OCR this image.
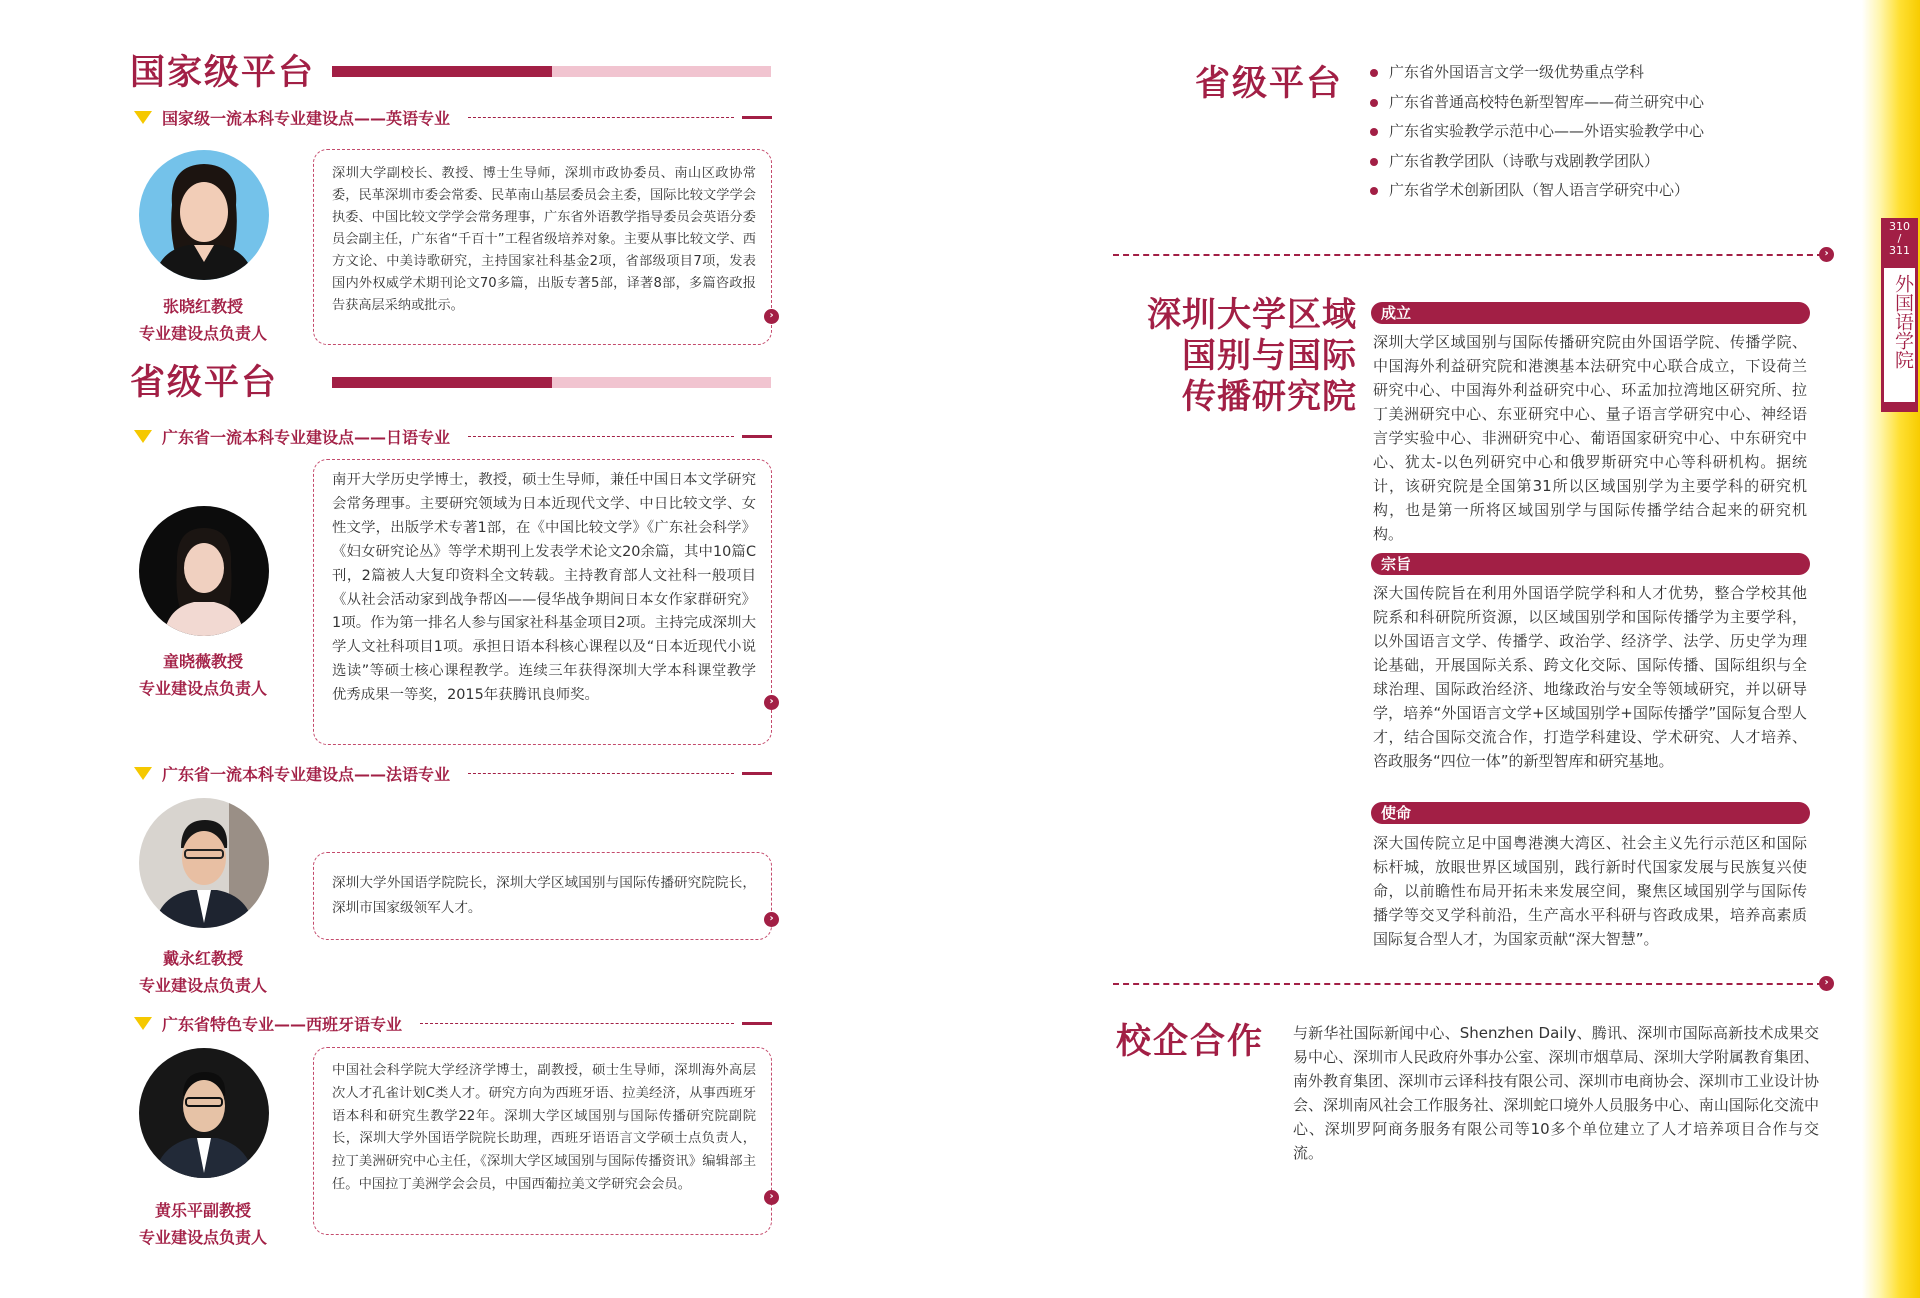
国家级平台
国家级一流本科专业建设点——英语专业
张晓红教授
专业建设点负责人
深圳大学副校长、教授、博士生导师，深圳市政协委员、南山区政协常委，民革深圳市委会常委、民革南山基层委员会主委，国际比较文学学会执委、中国比较文学学会常务理事，广东省外语教学指导委员会英语分委员会副主任，广东省“千百十”工程省级培养对象。主要从事比较文学、西方文论、中美诗歌研究，主持国家社科基金2项，省部级项目7项，发表国内外权威学术期刊论文70多篇，出版专著5部，译著8部，多篇咨政报告获高层采纳或批示。
›
省级平台
广东省一流本科专业建设点——日语专业
童晓薇教授
专业建设点负责人
南开大学历史学博士，教授，硕士生导师，兼任中国日本文学研究会常务理事。主要研究领域为日本近现代文学、中日比较文学、女性文学，出版学术专著1部，在《中国比较文学》《广东社会科学》《妇女研究论丛》等学术期刊上发表学术论文20余篇，其中10篇C刊，2篇被人大复印资料全文转载。主持教育部人文社科一般项目《从社会活动家到战争帮凶——侵华战争期间日本女作家群研究》1项。作为第一排名人参与国家社科基金项目2项。主持完成深圳大学人文社科项目1项。承担日语本科核心课程以及“日本近现代小说选读”等硕士核心课程教学。连续三年获得深圳大学本科课堂教学优秀成果一等奖，2015年获腾讯良师奖。	›
广东省一流本科专业建设点——法语专业
戴永红教授
专业建设点负责人
深圳大学外国语学院院长，深圳大学区域国别与国际传播研究院院长，深圳市国家级领军人才。
›
广东省特色专业——西班牙语专业
黄乐平副教授
专业建设点负责人
中国社会科学院大学经济学博士，副教授，硕士生导师，深圳海外高层次人才孔雀计划C类人才。研究方向为西班牙语、拉美经济，从事西班牙语本科和研究生教学22年。深圳大学区域国别与国际传播研究院副院长，深圳大学外国语学院院长助理，西班牙语语言文学硕士点负责人，拉丁美洲研究中心主任，《深圳大学区域国别与国际传播资讯》编辑部主任。中国拉丁美洲学会会员，中国西葡拉美文学研究会会员。
›
省级平台	广东省外国语言文学一级优势重点学科
广东省普通高校特色新型智库——荷兰研究中心
广东省实验教学示范中心——外语实验教学中心
广东省教学团队（诗歌与戏剧教学团队）
广东省学术创新团队（智人语言学研究中心）
›
深圳大学区域
国别与国际
传播研究院
成立
深圳大学区域国别与国际传播研究院由外国语学院、传播学院、中国海外利益研究院和港澳基本法研究中心联合成立，下设荷兰研究中心、中国海外利益研究中心、环孟加拉湾地区研究所、拉丁美洲研究中心、东亚研究中心、量子语言学研究中心、神经语言学实验中心、非洲研究中心、葡语国家研究中心、中东研究中心、犹太-以色列研究中心和俄罗斯研究中心等科研机构。据统计，该研究院是全国第31所以区域国别学为主要学科的研究机构，也是第一所将区域国别学与国际传播学结合起来的研究机构。
宗旨
深大国传院旨在利用外国语学院学科和人才优势，整合学校其他院系和科研院所资源，以区域国别学和国际传播学为主要学科，以外国语言文学、传播学、政治学、经济学、法学、历史学为理论基础，开展国际关系、跨文化交际、国际传播、国际组织与全球治理、国际政治经济、地缘政治与安全等领域研究，并以研导学，培养“外国语言文学+区域国别学+国际传播学”国际复合型人才，结合国际交流合作，打造学科建设、学术研究、人才培养、咨政服务“四位一体”的新型智库和研究基地。
使命
深大国传院立足中国粤港澳大湾区、社会主义先行示范区和国际标杆城，放眼世界区域国别，践行新时代国家发展与民族复兴使命，以前瞻性布局开拓未来发展空间，聚焦区域国别学与国际传播学等交叉学科前沿，生产高水平科研与咨政成果，培养高素质国际复合型人才，为国家贡献“深大智慧”。
›
校企合作 与新华社国际新闻中心、Shenzhen Daily、腾讯、深圳市国际高新技术成果交易中心、深圳市人民政府外事办公室、深圳市烟草局、深圳大学附属教育集团、南外教育集团、深圳市云译科技有限公司、深圳市电商协会、深圳市工业设计协会、深圳南风社会工作服务社、深圳蛇口境外人员服务中心、南山国际化交流中心、深圳罗阿商务服务有限公司等10多个单位建立了人才培养项目合作与交流。
310
/
311
外国语学院
